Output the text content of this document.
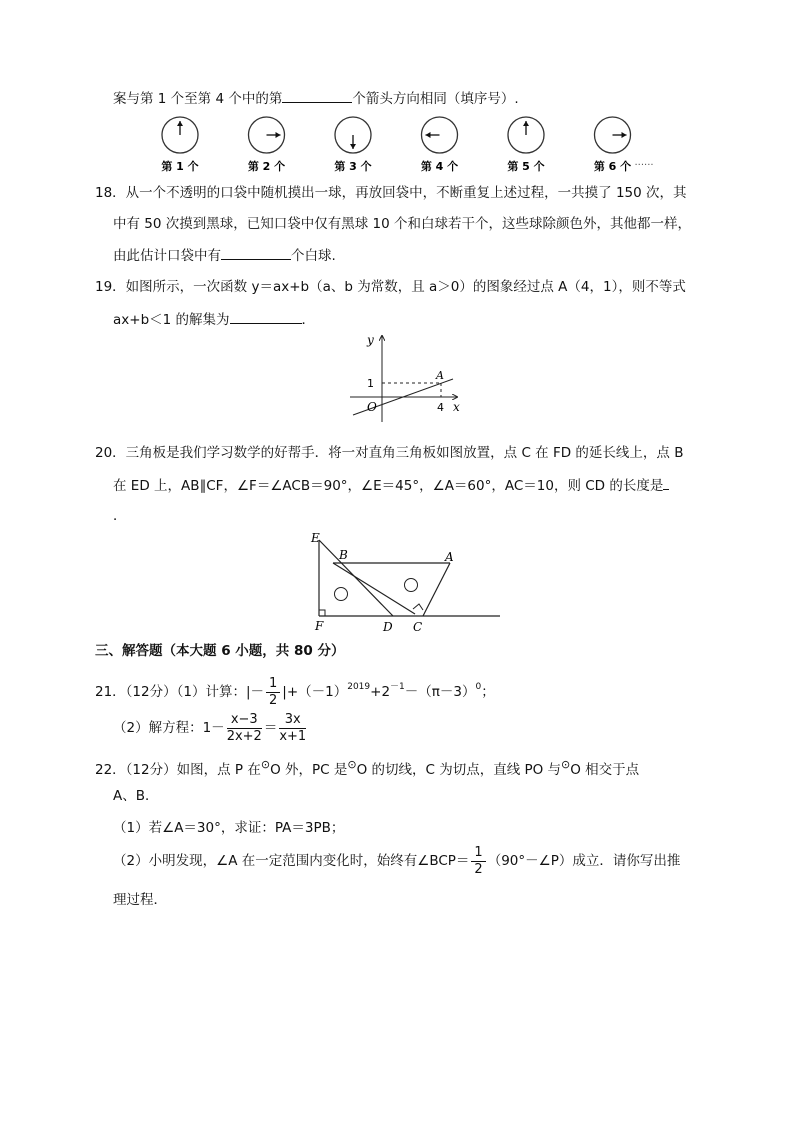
案与第 1 个至第 4 个中的第	个箭头方向相同（填序号）.
第 1 个	第 2 个	第 3 个	第 4 个	第 5 个	第 6 个 ......
18．从一个不透明的口袋中随机摸出一球，再放回袋中，不断重复上述过程，一共摸了 150 次，其
中有 50 次摸到黑球，已知口袋中仅有黑球 10 个和白球若干个，这些球除颜色外，其他都一样，
由此估计口袋中有	个白球.
19．如图所示，一次函数 y＝ax+b（a、b 为常数，且 a＞0）的图象经过点 A（4，1），则不等式
ax+b＜1 的解集为	．
y
x
O
A
1
4
20．三角板是我们学习数学的好帮手．将一对直角三角板如图放置，点 C 在 FD 的延长线上，点 B
在 ED 上，AB∥CF，∠F＝∠ACB＝90°，∠E＝45°，∠A＝60°，AC＝10，则 CD 的长度是
．
E
B	A
F	D C
三、解答题（本大题 6 小题，共 80 分）
21．（12分）（1）计算：|－ $\frac{1}{2} |+(-1)^{2019}+2^{-1}-(\pi-3)^0$；
（2）解方程：$1- \frac{x-3}{2x+2} = \frac{3x}{x+1}$
22．（12分）如图，点 P 在⊙O 外，PC 是⊙O 的切线，C 为切点，直线 PO 与⊙O 相交于点
A、B．
（1）若∠A＝30°，求证：PA＝3PB；
（2）小明发现，∠A 在一定范围内变化时，始终有∠BCP＝ $\frac{1}{2}$ （90°－∠P）成立．请你写出推
理过程．
